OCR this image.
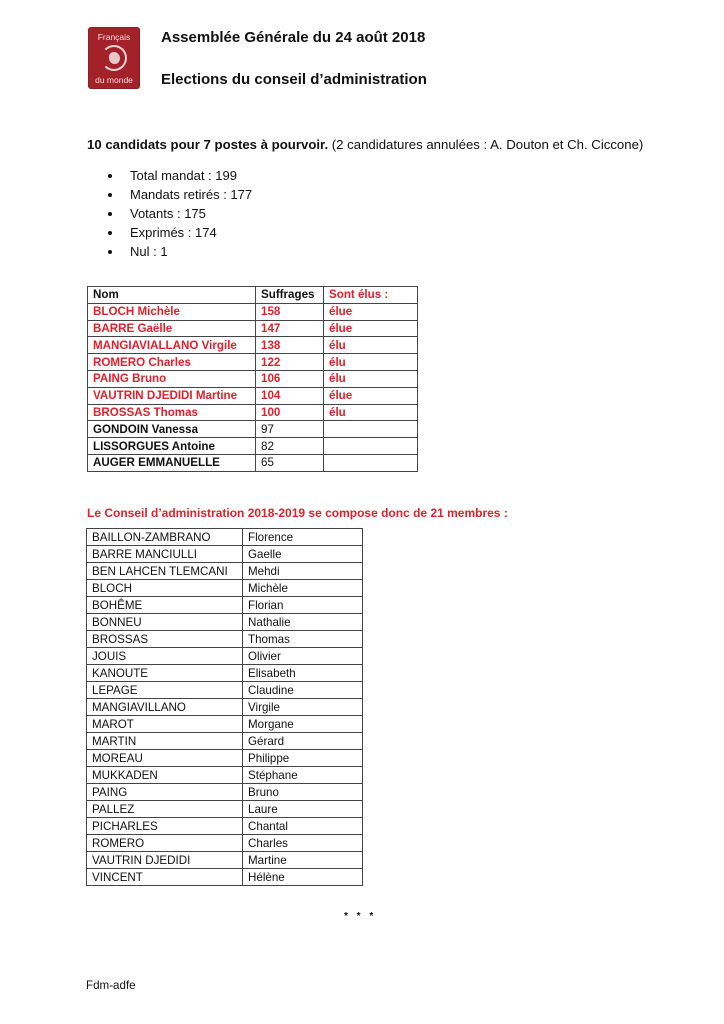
Français
du monde
Assemblée Générale du 24 août 2018
Elections du conseil d’administration
10 candidats pour 7 postes à pourvoir. (2 candidatures annulées : A. Douton et Ch. Ciccone)
Total mandat : 199
Mandats retirés : 177
Votants : 175
Exprimés : 174
Nul : 1
Nom	Suffrages	Sont élus :
BLOCH Michèle	158	élue
BARRE Gaëlle	147	élue
MANGIAVIALLANO Virgile	138	élu
ROMERO Charles	122	élu
PAING Bruno	106	élu
VAUTRIN DJEDIDI Martine	104	élue
BROSSAS Thomas	100	élu
GONDOIN Vanessa	97	
LISSORGUES Antoine	82	
AUGER EMMANUELLE	65	
Le Conseil d’administration 2018-2019 se compose donc de 21 membres :
BAILLON-ZAMBRANO	Florence
BARRE MANCIULLI	Gaelle
BEN LAHCEN TLEMCANI	Mehdi
BLOCH	Michèle
BOHÊME	Florian
BONNEU	Nathalie
BROSSAS	Thomas
JOUIS	Olivier
KANOUTE	Elisabeth
LEPAGE	Claudine
MANGIAVILLANO	Virgile
MAROT	Morgane
MARTIN	Gérard
MOREAU	Philippe
MUKKADEN	Stéphane
PAING	Bruno
PALLEZ	Laure
PICHARLES	Chantal
ROMERO	Charles
VAUTRIN DJEDIDI	Martine
VINCENT	Hélène
* * *
Fdm-adfe
